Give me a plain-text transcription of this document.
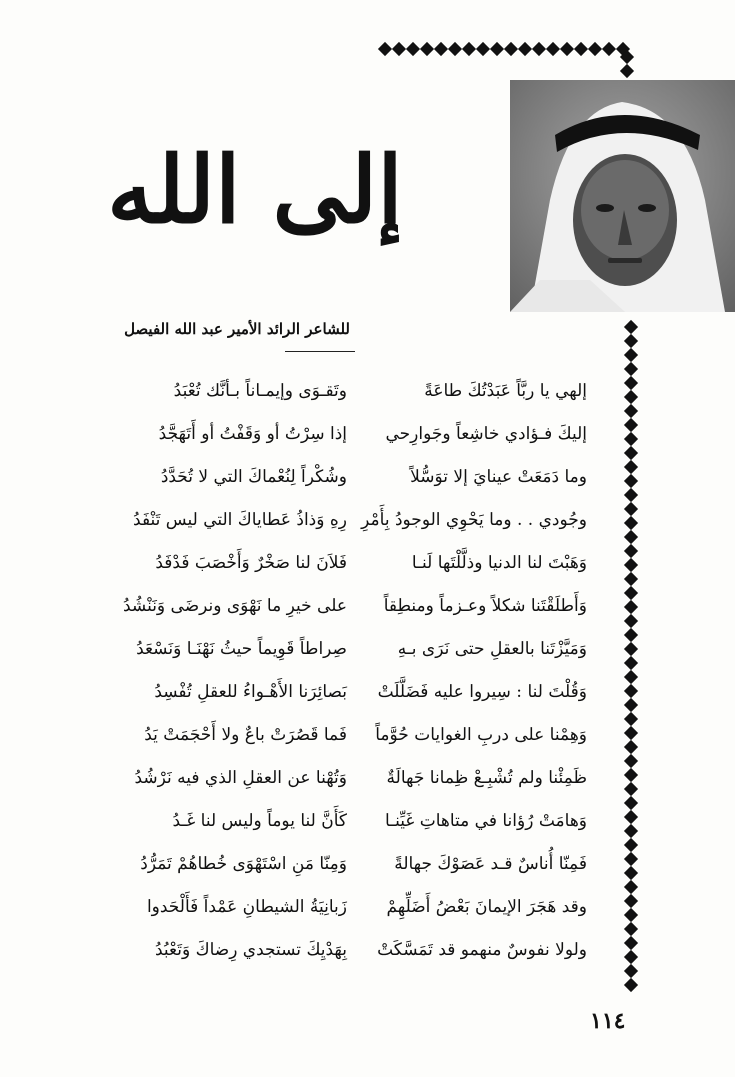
إلى الله
للشاعر الرائد الأمير عبد الله الفيصل
إلهي يا ربَّاً عَبَدْتُكَ طاعَةً
إليكَ فـؤادي خاشِعاً وجَوارِحي
وما دَمَعَتْ عينايَ إلا توَسُّلاً
وجُودي . . وما يَحْوِي الوجودُ بِأَمْرِ
وَهَبْتَ لنا الدنيا وذلَّلْتَها لَنـا
وَأَطلَقْتَنا شكلاً وعـزماً ومنطِقاً
وَمَيَّزْتَنا بالعقلِ حتى نَرَى بـهِ
وَقُلْتَ لنا : سِيروا عليه فَضَلَّلَتْ
وَهِمْنا على دربِ الغوايات حُوَّماً
ظَمِئْنا ولم تُشْبِـعْ ظِمانا جَهالَةٌ
وَهامَتْ رُؤانا في متاهاتِ غَيِّنـا
فَمِنّا أُناسٌ قـد عَصَوْكَ جهالةً
وقد هَجَرَ الإيمانَ بَعْضُ أَضَلِّهِمْ
ولولا نفوسٌ منهمو قد تَمَسَّكَتْ
وتَقـوَى وإيمـاناً بـأنَّك تُعْبَدُ
إذا سِرْتُ أو وَقَفْتُ أو أَتَهَجَّدُ
وشُكْراً لِنُعْماكَ التي لا تُحَدَّدُ
رِهِ وَذاذُ عَطاياكَ التي ليس تَنْفَدُ
فَلاَنَ لنا صَخْرٌ وَأَخْصَبَ فَدْفَدُ
على خيرِ ما نَهْوَى ونرضَى وَنَنْشُدُ
صِراطاً قَوِيماً حيثُ نَهْنَـا وَنَسْعَدُ
بَصائِرَنا الأَهْـواءُ للعقلِ تُفْسِدُ
فَما قَصُرَتْ باعٌ ولا أَحْجَمَتْ يَدُ
وَتُهْنا عن العقلِ الذي فيه نَرْشُدُ
كَأَنَّ لنا يوماً وليس لنا غَـدُ
وَمِنّا مَنِ اسْتَهْوَى خُطاهُمْ تَمَرُّدُ
زَبانِيَةُ الشيطانِ عَمْداً فَأَلْحَدوا
بِهَدْيِكَ تستجدي رِضاكَ وَتَعْبُدُ
١١٤
